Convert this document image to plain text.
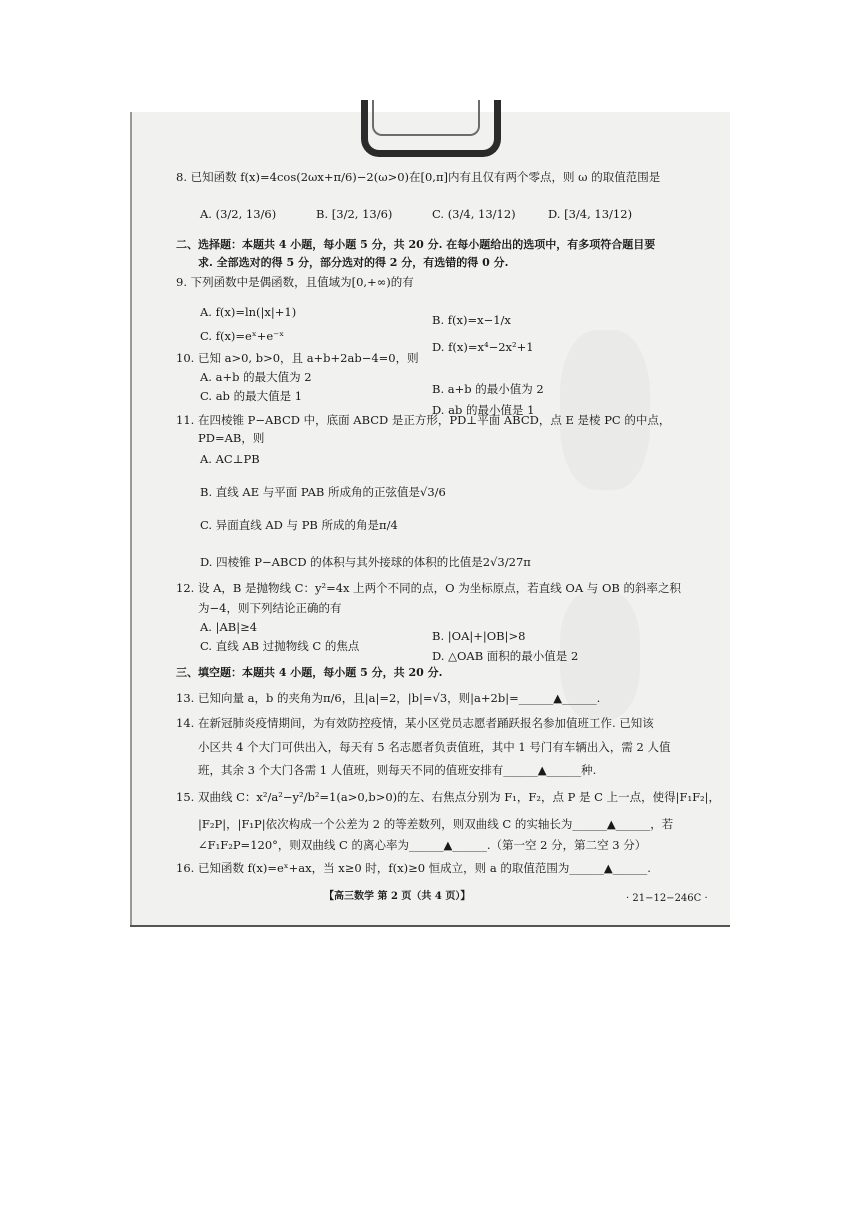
8. 已知函数 f(x)=4cos(2ωx+π/6)−2(ω>0)在[0,π]内有且仅有两个零点，则 ω 的取值范围是
A. (3/2, 13/6)	B. [3/2, 13/6)	C. (3/4, 13/12)	D. [3/4, 13/12)
二、选择题：本题共 4 小题，每小题 5 分，共 20 分. 在每小题给出的选项中，有多项符合题目要
求. 全部选对的得 5 分，部分选对的得 2 分，有选错的得 0 分.
9. 下列函数中是偶函数，且值域为[0,+∞)的有
A. f(x)=ln(|x|+1)
B. f(x)=x−1/x
C. f(x)=eˣ+e⁻ˣ
D. f(x)=x⁴−2x²+1
10. 已知 a>0, b>0，且 a+b+2ab−4=0，则
A. a+b 的最大值为 2
B. a+b 的最小值为 2
C. ab 的最大值是 1
D. ab 的最小值是 1
11. 在四棱锥 P−ABCD 中，底面 ABCD 是正方形，PD⊥平面 ABCD，点 E 是棱 PC 的中点，
PD=AB，则
A. AC⊥PB
B. 直线 AE 与平面 PAB 所成角的正弦值是√3/6
C. 异面直线 AD 与 PB 所成的角是π/4
D. 四棱锥 P−ABCD 的体积与其外接球的体积的比值是2√3/27π
12. 设 A，B 是抛物线 C：y²=4x 上两个不同的点，O 为坐标原点，若直线 OA 与 OB 的斜率之积
为−4，则下列结论正确的有
A. |AB|≥4
B. |OA|+|OB|>8
C. 直线 AB 过抛物线 C 的焦点
D. △OAB 面积的最小值是 2
三、填空题：本题共 4 小题，每小题 5 分，共 20 分.
13. 已知向量 a，b 的夹角为π/6，且|a|=2，|b|=√3，则|a+2b|=______▲______.
14. 在新冠肺炎疫情期间，为有效防控疫情，某小区党员志愿者踊跃报名参加值班工作. 已知该
小区共 4 个大门可供出入，每天有 5 名志愿者负责值班，其中 1 号门有车辆出入，需 2 人值
班，其余 3 个大门各需 1 人值班，则每天不同的值班安排有______▲______种.
15. 双曲线 C：x²/a²−y²/b²=1(a>0,b>0)的左、右焦点分别为 F₁，F₂，点 P 是 C 上一点，使得|F₁F₂|，
|F₂P|，|F₁P|依次构成一个公差为 2 的等差数列，则双曲线 C 的实轴长为______▲______，若
∠F₁F₂P=120°，则双曲线 C 的离心率为______▲______.（第一空 2 分，第二空 3 分）
16. 已知函数 f(x)=eˣ+ax，当 x≥0 时，f(x)≥0 恒成立，则 a 的取值范围为______▲______.
【高三数学 第 2 页（共 4 页）】	· 21−12−246C ·
